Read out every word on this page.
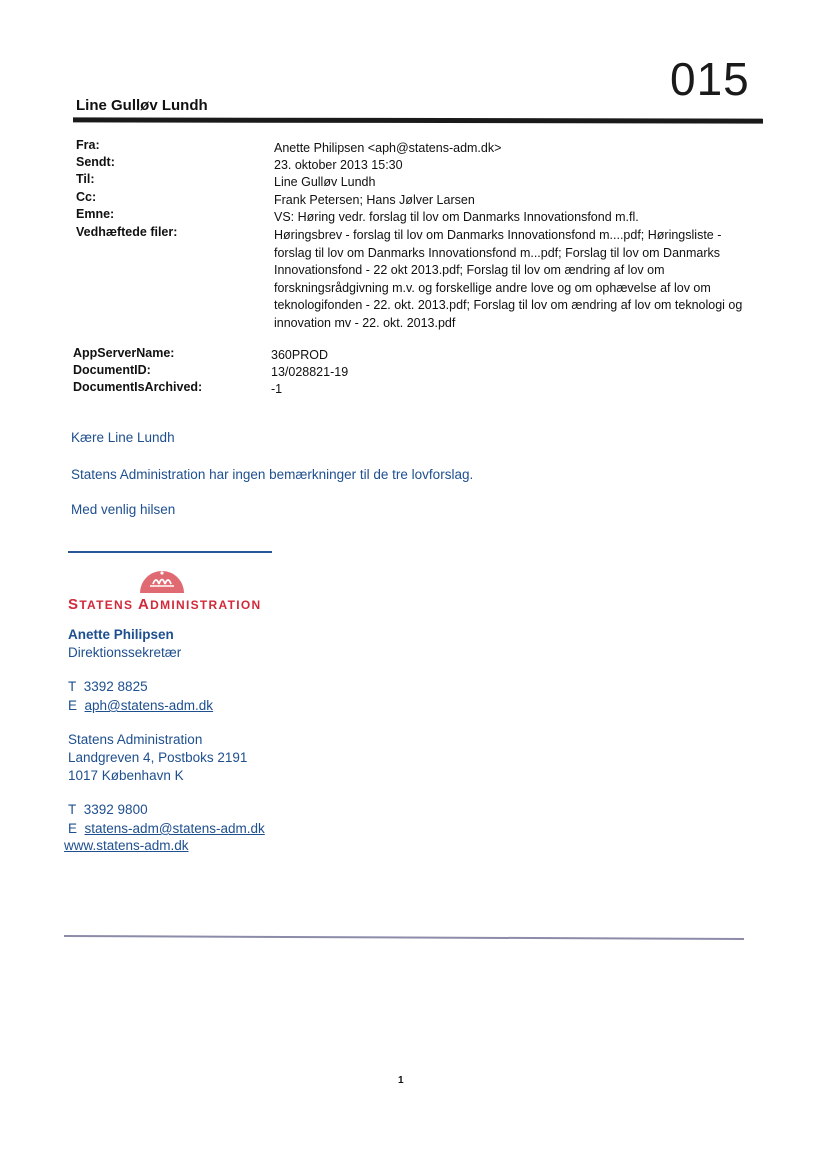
015
Line Gulløv Lundh
Fra:	Anette Philipsen <aph@statens-adm.dk>
Sendt:	23. oktober 2013 15:30
Til:	Line Gulløv Lundh
Cc:	Frank Petersen; Hans Jølver Larsen
Emne:	VS: Høring vedr. forslag til lov om Danmarks Innovationsfond m.fl.
Vedhæftede filer:	Høringsbrev - forslag til lov om Danmarks Innovationsfond m....pdf; Høringsliste - forslag til lov om Danmarks Innovationsfond m...pdf; Forslag til lov om Danmarks Innovationsfond - 22 okt 2013.pdf; Forslag til lov om ændring af lov om forskningsrådgivning m.v. og forskellige andre love og om ophævelse af lov om teknologifonden - 22. okt. 2013.pdf; Forslag til lov om ændring af lov om teknologi og innovation mv - 22. okt. 2013.pdf
AppServerName:	360PROD
DocumentID:	13/028821-19
DocumentIsArchived:	-1
Kære Line Lundh
Statens Administration har ingen bemærkninger til de tre lovforslag.
Med venlig hilsen
STATENS ADMINISTRATION
Anette Philipsen
Direktionssekretær
T 3392 8825
E aph@statens-adm.dk
Statens Administration
Landgreven 4, Postboks 2191
1017 København K
T 3392 9800
E statens-adm@statens-adm.dk
www.statens-adm.dk
1
